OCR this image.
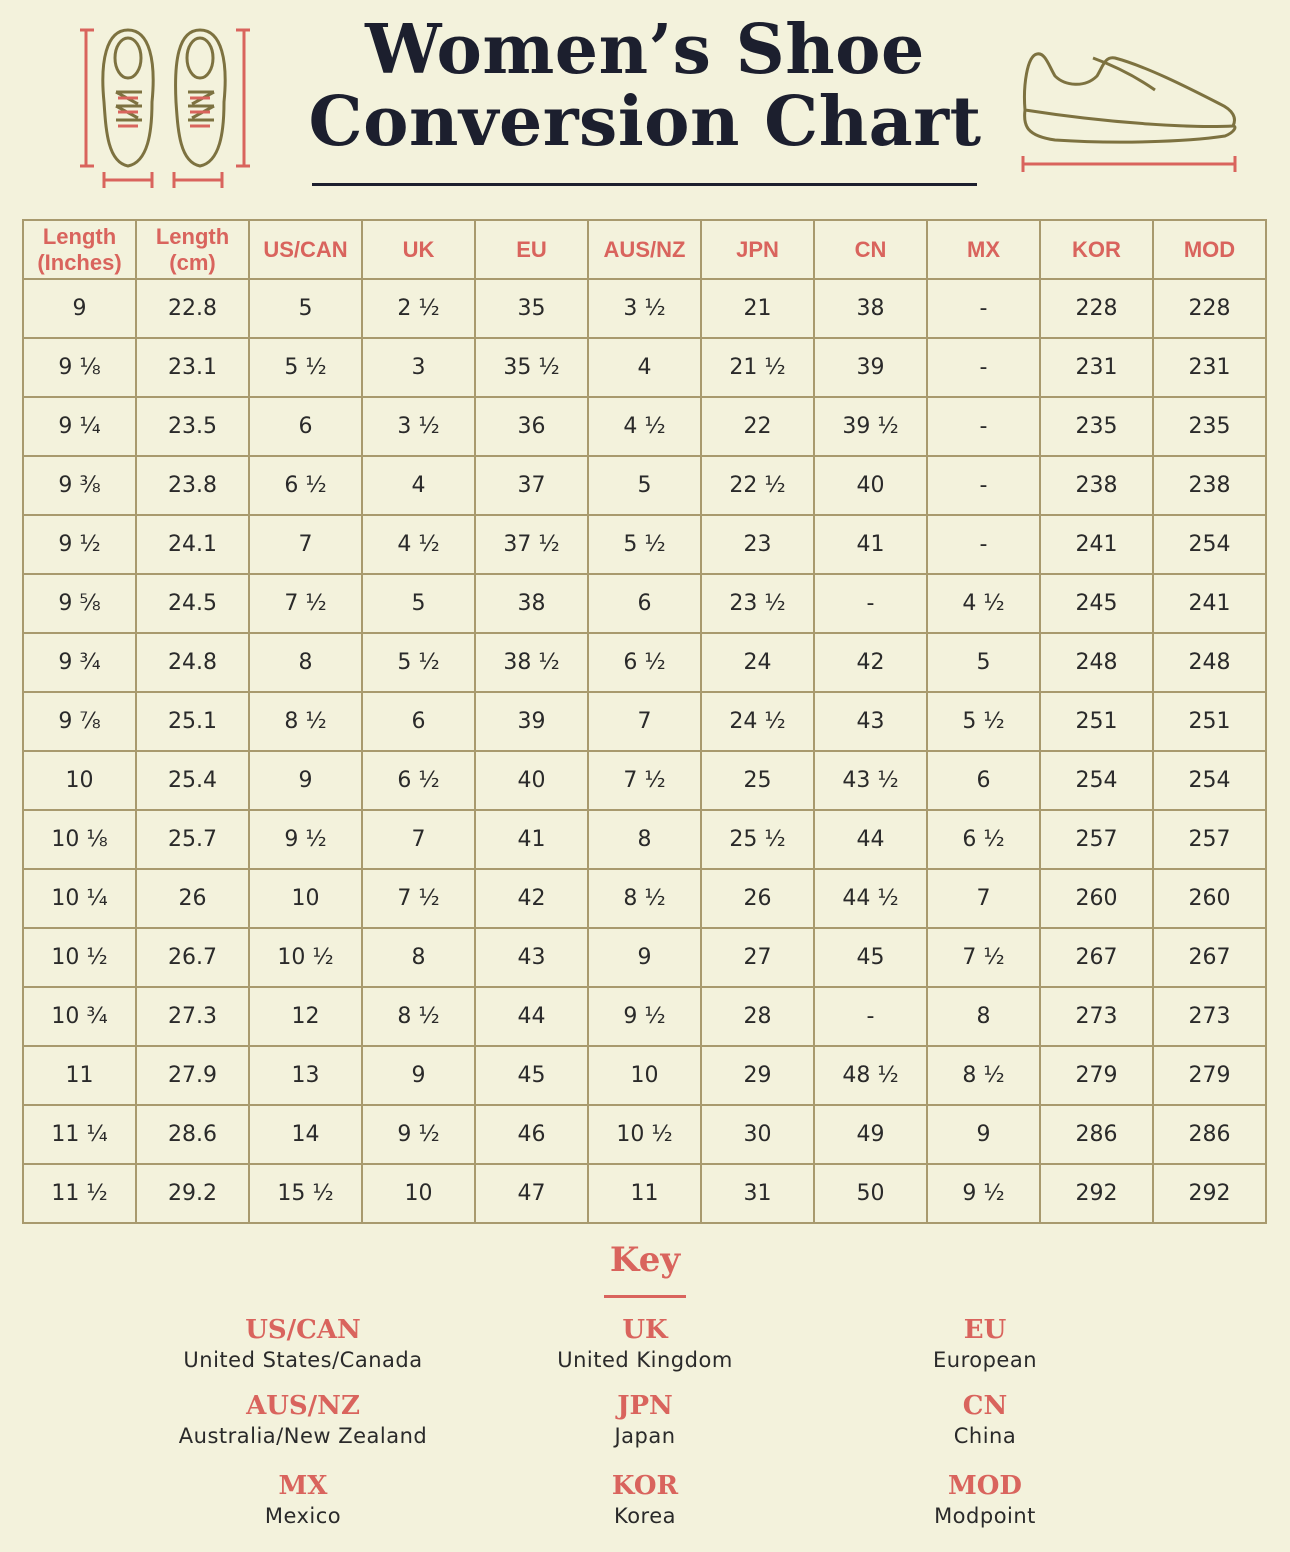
Women’s Shoe Conversion Chart
Length
(Inches)	Length
(cm)	US/CAN	UK	EU	AUS/NZ	JPN	CN	MX	KOR	MOD
9	22.8	5	2 ½	35	3 ½	21	38	-	228	228
9 ⅛	23.1	5 ½	3	35 ½	4	21 ½	39	-	231	231
9 ¼	23.5	6	3 ½	36	4 ½	22	39 ½	-	235	235
9 ⅜	23.8	6 ½	4	37	5	22 ½	40	-	238	238
9 ½	24.1	7	4 ½	37 ½	5 ½	23	41	-	241	254
9 ⅝	24.5	7 ½	5	38	6	23 ½	-	4 ½	245	241
9 ¾	24.8	8	5 ½	38 ½	6 ½	24	42	5	248	248
9 ⅞	25.1	8 ½	6	39	7	24 ½	43	5 ½	251	251
10	25.4	9	6 ½	40	7 ½	25	43 ½	6	254	254
10 ⅛	25.7	9 ½	7	41	8	25 ½	44	6 ½	257	257
10 ¼	26	10	7 ½	42	8 ½	26	44 ½	7	260	260
10 ½	26.7	10 ½	8	43	9	27	45	7 ½	267	267
10 ¾	27.3	12	8 ½	44	9 ½	28	-	8	273	273
11	27.9	13	9	45	10	29	48 ½	8 ½	279	279
11 ¼	28.6	14	9 ½	46	10 ½	30	49	9	286	286
11 ½	29.2	15 ½	10	47	11	31	50	9 ½	292	292
Key
US/CAN
United States/Canada
UK
United Kingdom
EU
European
AUS/NZ
Australia/New Zealand
JPN
Japan
CN
China
MX
Mexico
KOR
Korea
MOD
Modpoint
